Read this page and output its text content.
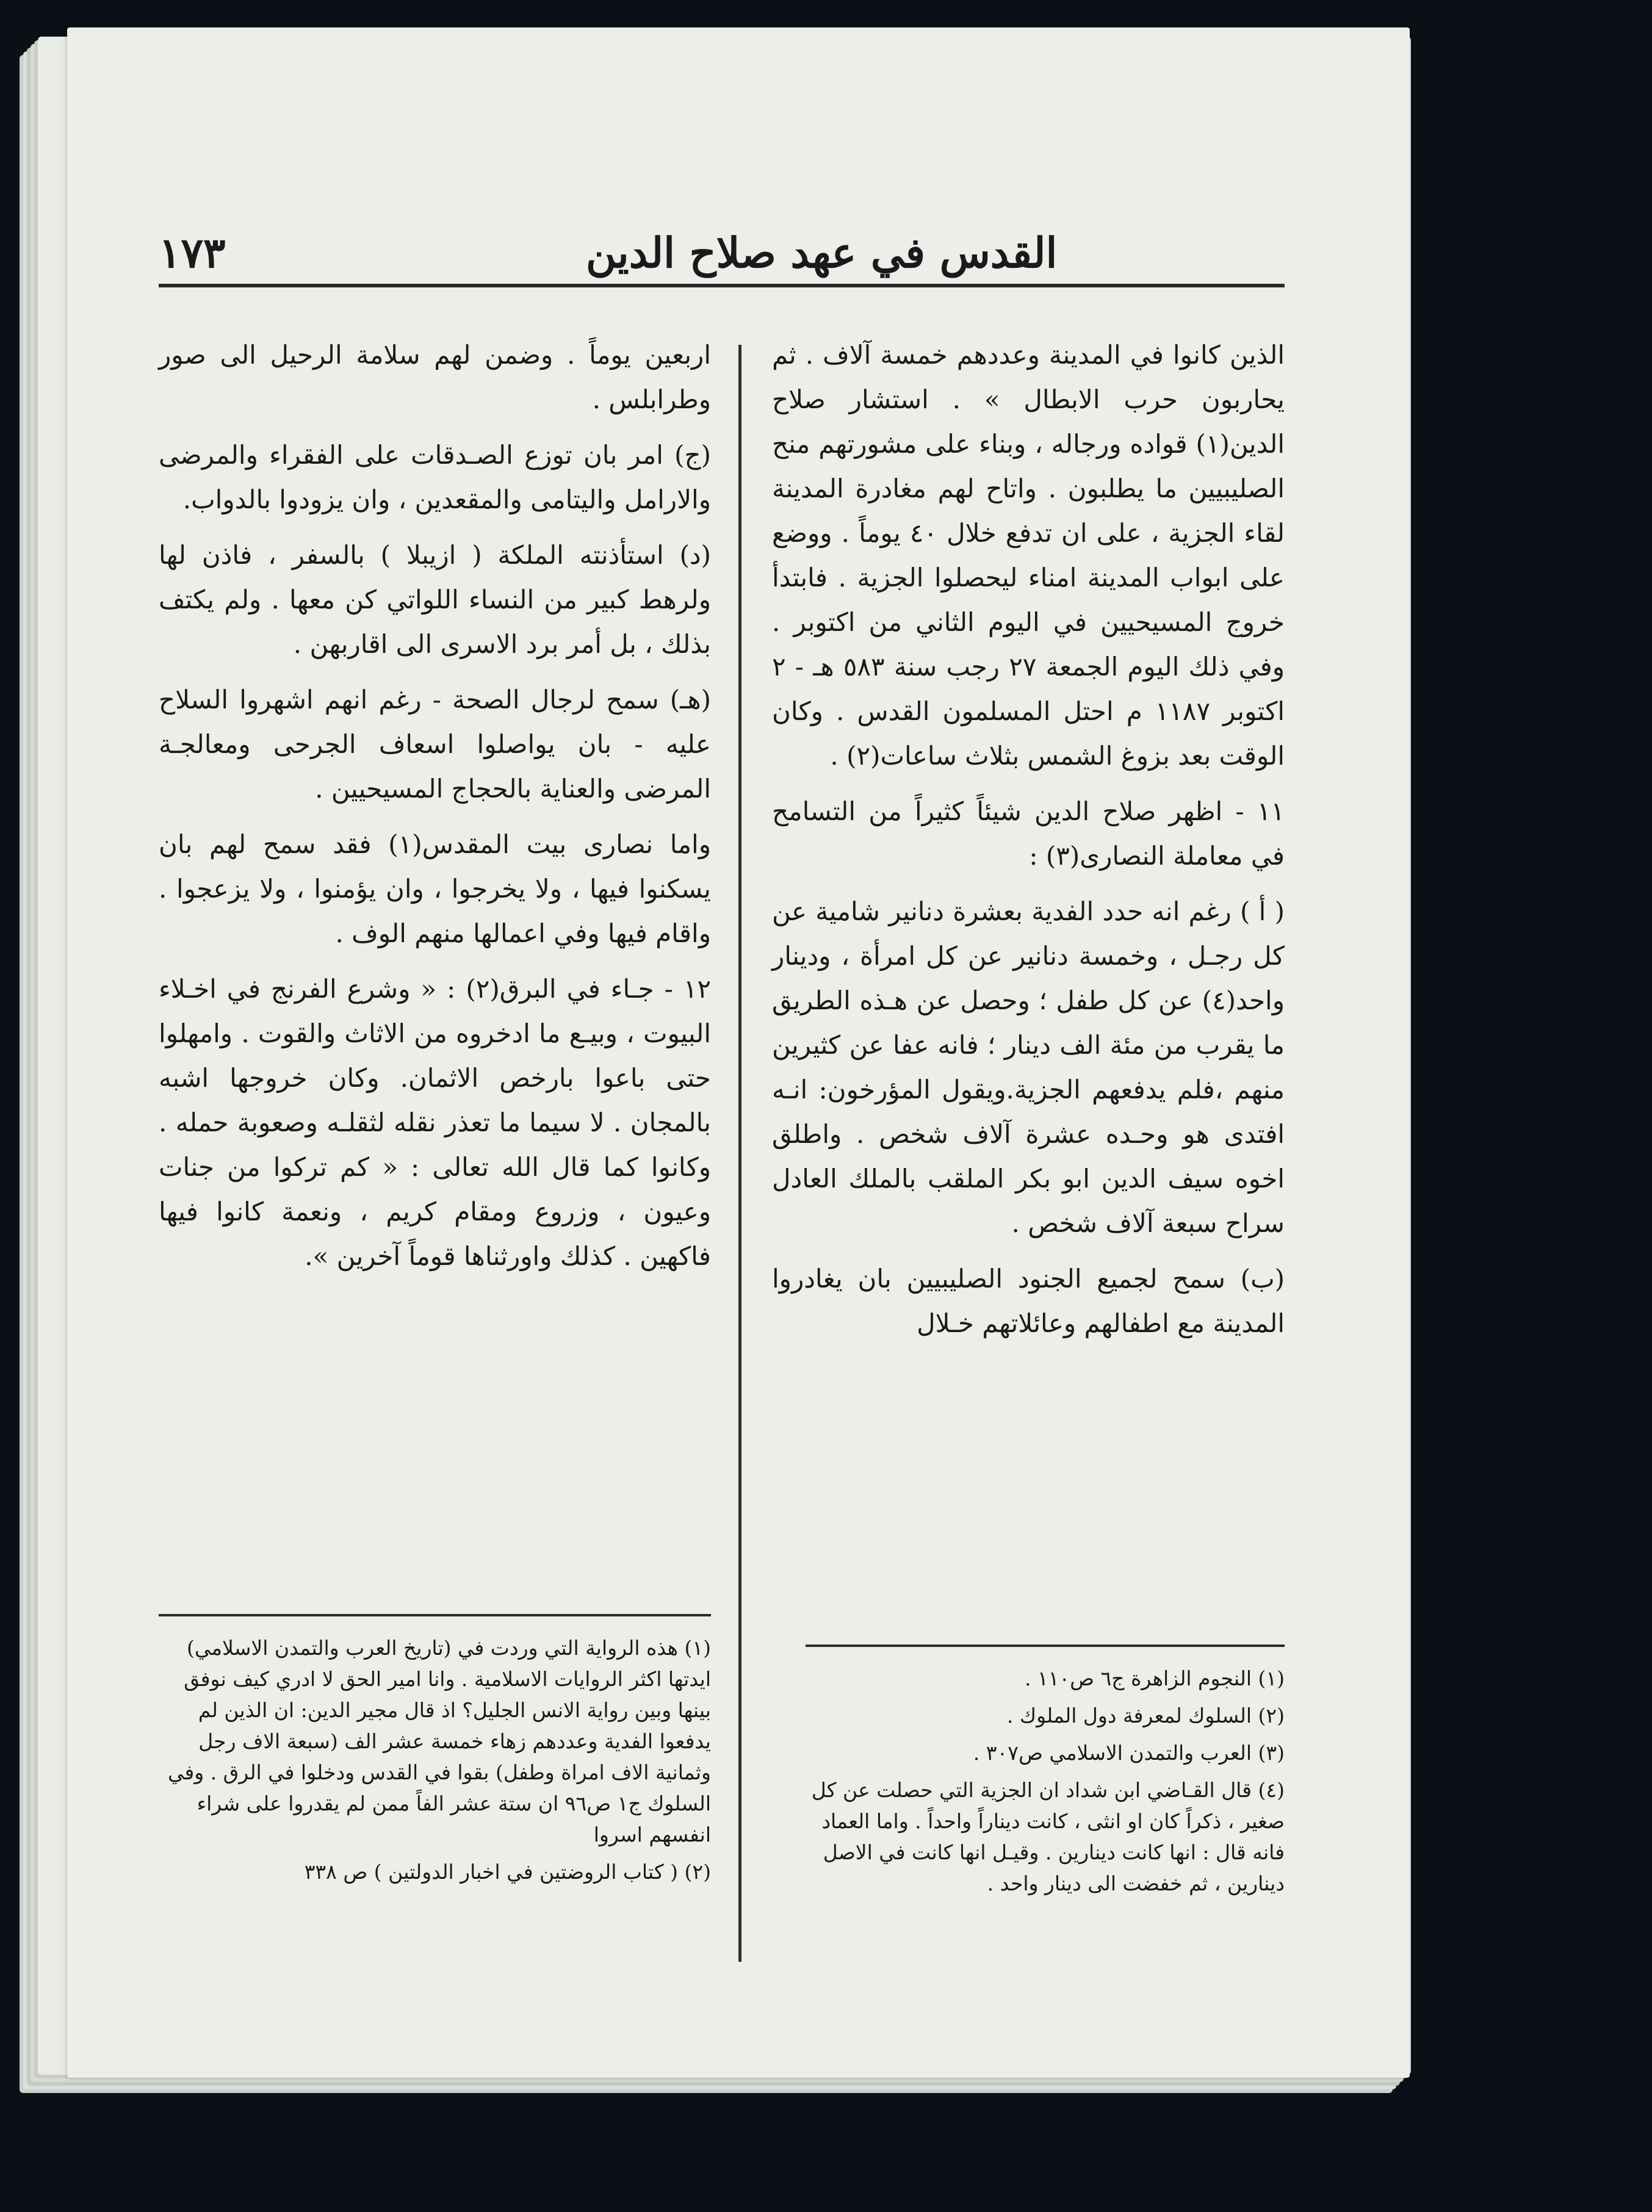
١٧٣	القدس في عهد صلاح الدين

الذين كانوا في المدينة وعددهم خمسة آلاف . ثم يحاربون حرب الابطال » . استشار صلاح الدين(١) قواده ورجاله ، وبناء على مشورتهم منح الصليبيين ما يطلبون . واتاح لهم مغادرة المدينة لقاء الجزية ، على ان تدفع خلال ٤٠ يوماً . ووضع على ابواب المدينة امناء ليحصلوا الجزية . فابتدأ خروج المسيحيين في اليوم الثاني من اكتوبر . وفي ذلك اليوم الجمعة ٢٧ رجب سنة ٥٨٣ هـ - ٢ اكتوبر ١١٨٧ م احتل المسلمون القدس . وكان الوقت بعد بزوغ الشمس بثلاث ساعات(٢) .

١١ - اظهر صلاح الدين شيئاً كثيراً من التسامح في معاملة النصارى(٣) :

( أ ) رغم انه حدد الفدية بعشرة دنانير شامية عن كل رجـل ، وخمسة دنانير عن كل امرأة ، ودينار واحد(٤) عن كل طفل ؛ وحصل عن هـذه الطريق ما يقرب من مئة الف دينار ؛ فانه عفا عن كثيرين منهم ،فلم يدفعهم الجزية.ويقول المؤرخون: انـه افتدى هو وحـده عشرة آلاف شخص . واطلق اخوه سيف الدين ابو بكر الملقب بالملك العادل سراح سبعة آلاف شخص .

(ب) سمح لجميع الجنود الصليبيين بان يغادروا المدينة مع اطفالهم وعائلاتهم خـلال

اربعين يوماً . وضمن لهم سلامة الرحيل الى صور وطرابلس .

(ج) امر بان توزع الصـدقات على الفقراء والمرضى والارامل واليتامى والمقعدين ، وان يزودوا بالدواب.

(د) استأذنته الملكة ( ازيبلا ) بالسفر ، فاذن لها ولرهط كبير من النساء اللواتي كن معها . ولم يكتف بذلك ، بل أمر برد الاسرى الى اقاربهن .

(هـ) سمح لرجال الصحة - رغم انهم اشهروا السلاح عليه - بان يواصلوا اسعاف الجرحى ومعالجـة المرضى والعناية بالحجاج المسيحيين .

واما نصارى بيت المقدس(١) فقد سمح لهم بان يسكنوا فيها ، ولا يخرجوا ، وان يؤمنوا ، ولا يزعجوا . واقام فيها وفي اعمالها منهم الوف .

١٢ - جـاء في البرق(٢) : « وشرع الفرنج في اخـلاء البيوت ، وبيـع ما ادخروه من الاثاث والقوت . وامهلوا حتى باعوا بارخص الاثمان. وكان خروجها اشبه بالمجان . لا سيما ما تعذر نقله لثقلـه وصعوبة حمله . وكانوا كما قال الله تعالى : « كم تركوا من جنات وعيون ، وزروع ومقام كريم ، ونعمة كانوا فيها فاكهين . كذلك واورثناها قوماً آخرين ».

(١) هذه الرواية التي وردت في (تاريخ العرب والتمدن الاسلامي) ايدتها اكثر الروايات الاسلامية . وانا امير الحق لا ادري كيف نوفق بينها وبين رواية الانس الجليل؟ اذ قال مجير الدين: ان الذين لم يدفعوا الفدية وعددهم زهاء خمسة عشر الف (سبعة الاف رجل وثمانية الاف امراة وطفل) بقوا في القدس ودخلوا في الرق . وفي السلوك ج١ ص٩٦ ان ستة عشر الفاً ممن لم يقدروا على شراء انفسهم اسروا

(٢) ( كتاب الروضتين في اخبار الدولتين ) ص ٣٣٨

(١) النجوم الزاهرة ج٦ ص١١٠ .

(٢) السلوك لمعرفة دول الملوك .

(٣) العرب والتمدن الاسلامي ص٣٠٧ .

(٤) قال القـاضي ابن شداد ان الجزية التي حصلت عن كل صغير ، ذكراً كان او انثى ، كانت ديناراً واحداً . واما العماد فانه قال : انها كانت دينارين . وقيـل انها كانت في الاصل دينارين ، ثم خفضت الى دينار واحد .
